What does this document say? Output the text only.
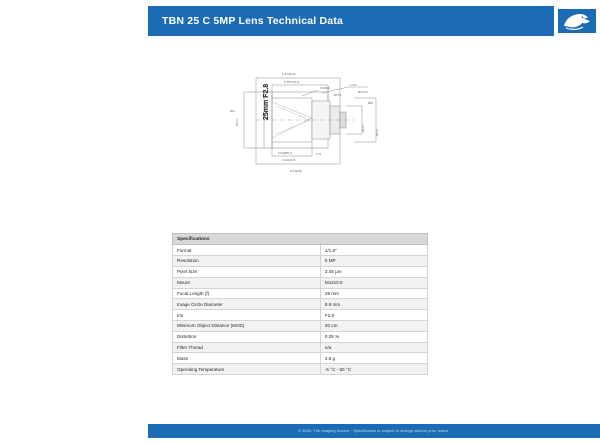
TBN 25 C 5MP Lens Technical Data
1.2"(30.4)
0.75"(19.1)
9.5(Ø24)
Ø17.5
1.079
M12x0.5
Ø28
Ø21.5
Ø12.0
Ø11.5
16.5(Ø25.4)
0.413(10.5)
0.71(18)
Ø10
17.6
25mm F2.8
Specifications	
Format	1/1.8"
Resolution	5 MP
Pixel Size	3.45 µm
Mount	M12x0.5
Focal Length (f)	25 mm
Image Circle Diameter	8.9 mm
Iris	F2.8
Minimum Object Distance (MOD)	20 cm
Distortion	0.05 %
Filter Thread	n/a
Mass	4.8 g
Operating Temperature	-5 °C - 50 °C
© 2020, The Imaging Source · Specification is subject to change without prior notice.
